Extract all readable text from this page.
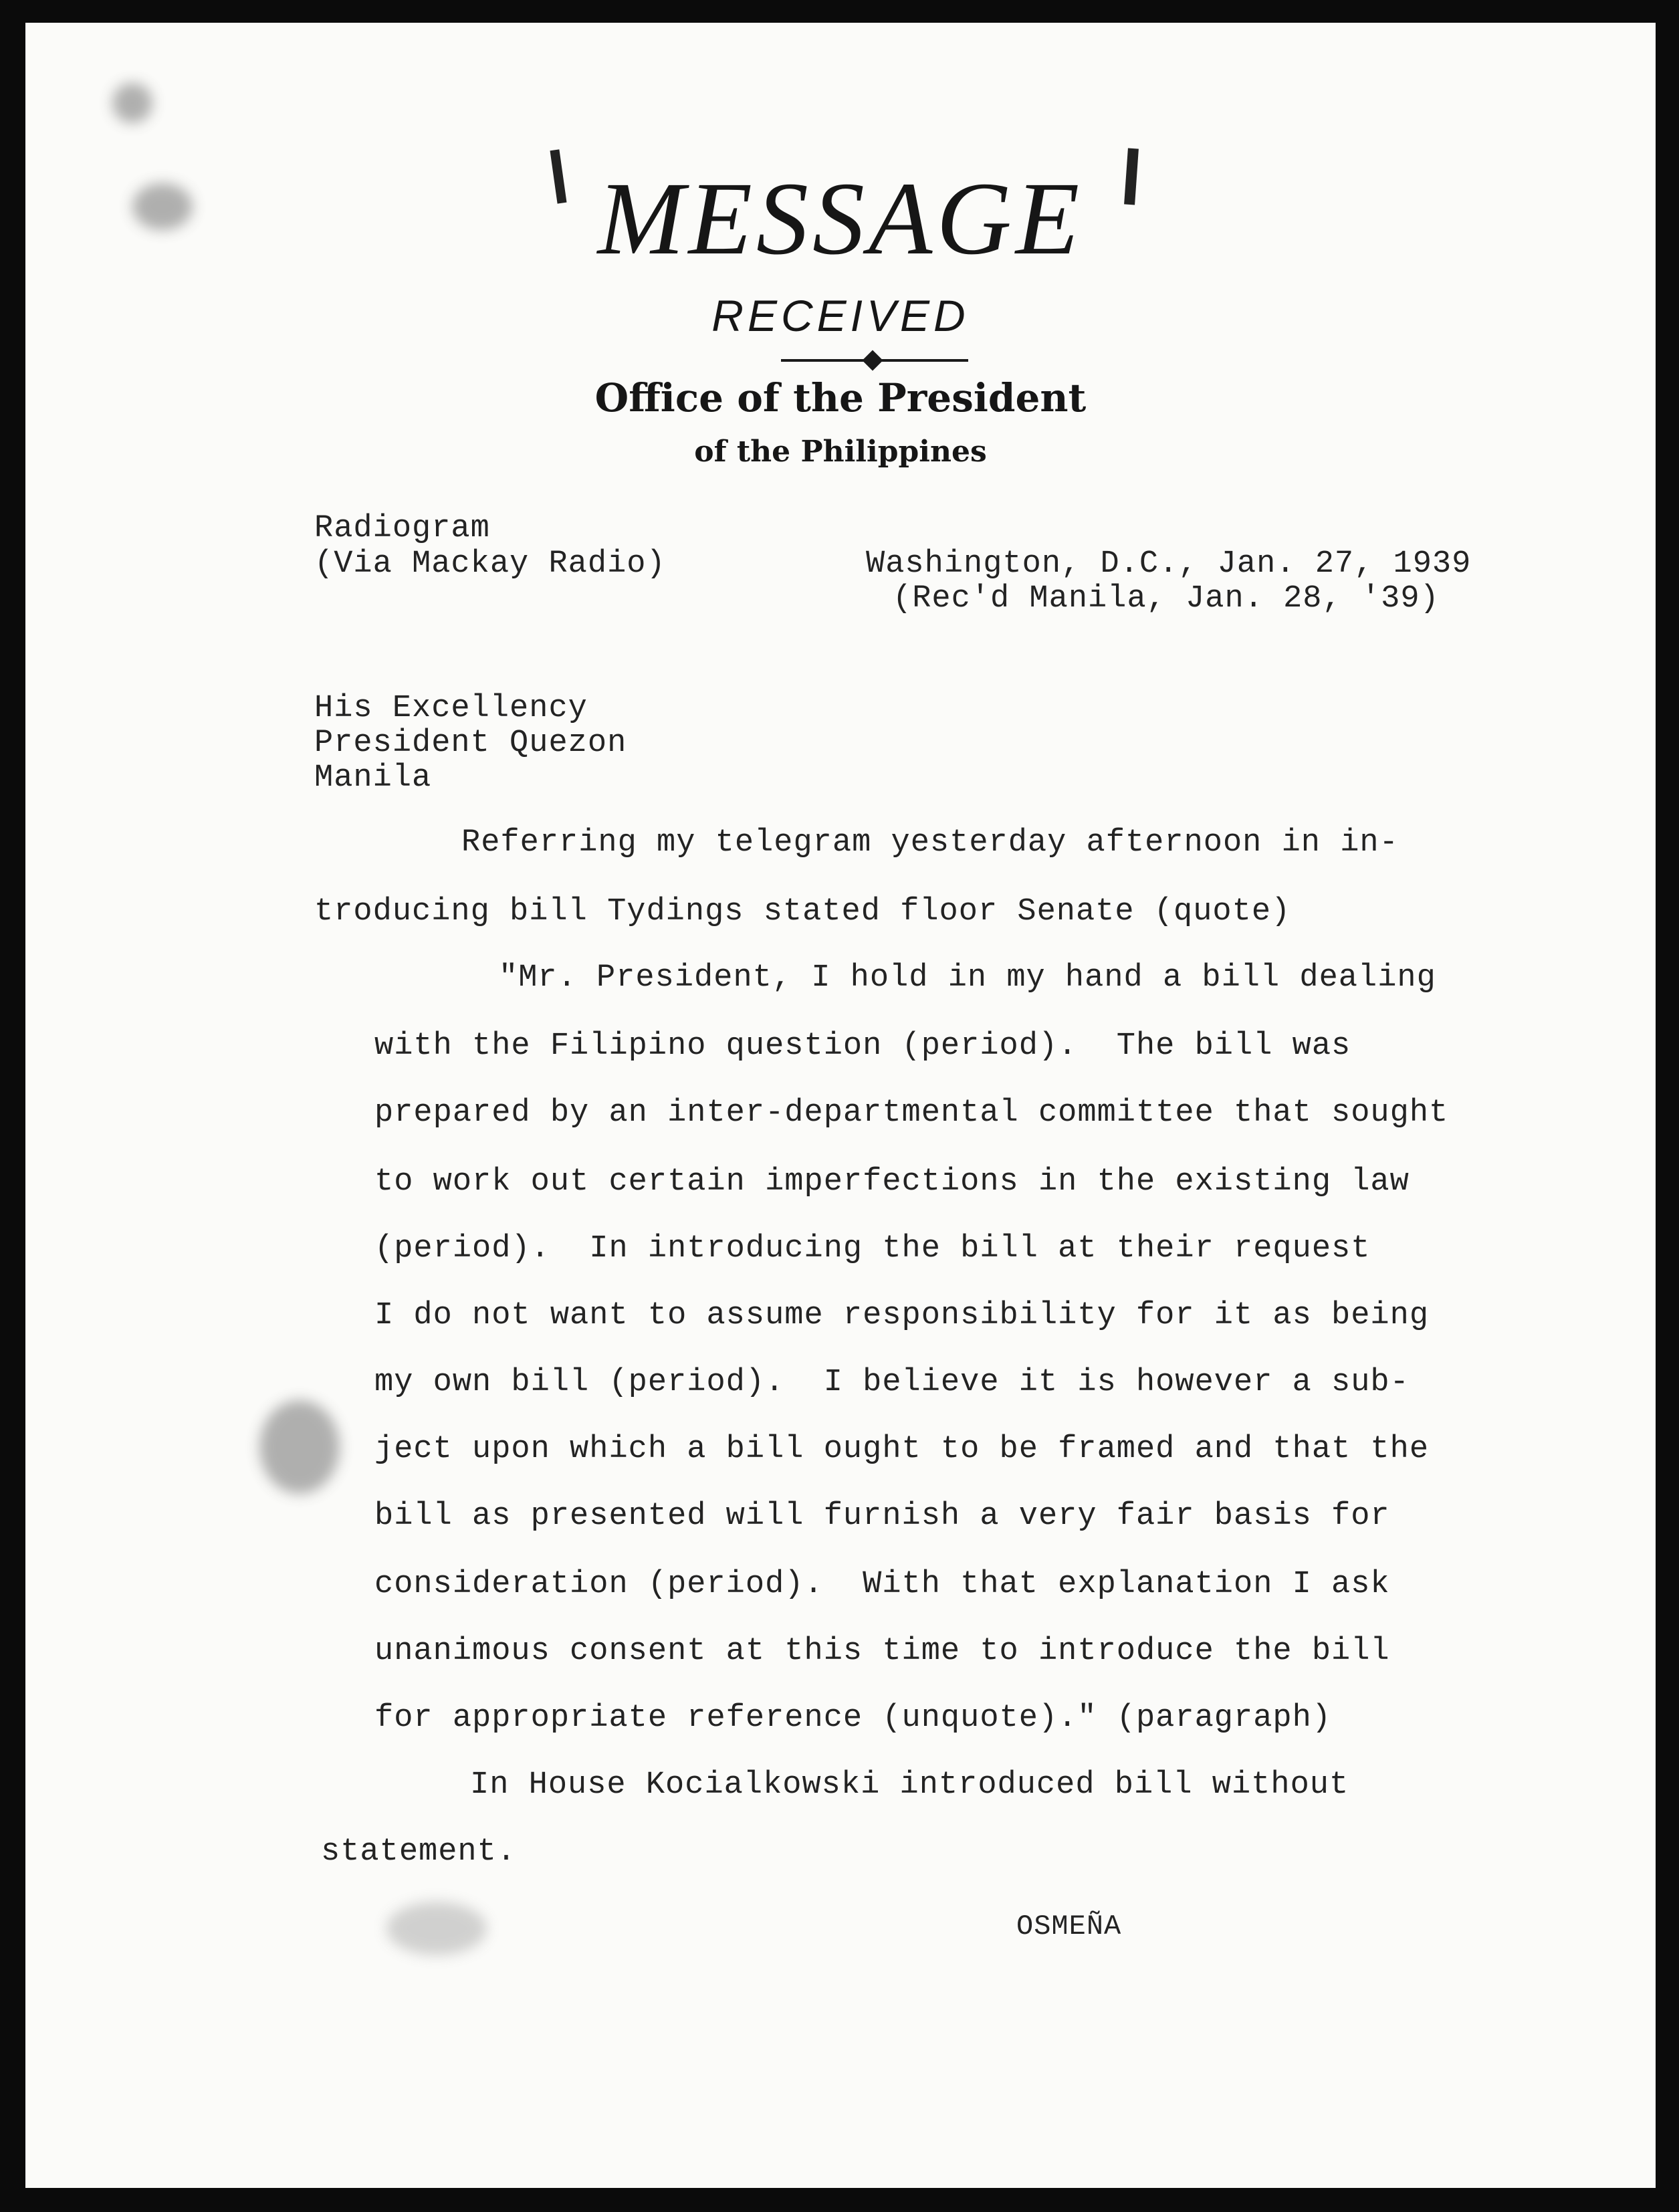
MESSAGE
RECEIVED
Office of the President
of the Philippines
Radiogram
(Via Mackay Radio)	Washington, D.C., Jan. 27, 1939
(Rec'd Manila, Jan. 28, '39)
His Excellency
President Quezon
Manila
Referring my telegram yesterday afternoon in in-
troducing bill Tydings stated floor Senate (quote)
"Mr. President, I hold in my hand a bill dealing
with the Filipino question (period).  The bill was
prepared by an inter-departmental committee that sought
to work out certain imperfections in the existing law
(period).  In introducing the bill at their request
I do not want to assume responsibility for it as being
my own bill (period).  I believe it is however a sub-
ject upon which a bill ought to be framed and that the
bill as presented will furnish a very fair basis for
consideration (period).  With that explanation I ask
unanimous consent at this time to introduce the bill
for appropriate reference (unquote)." (paragraph)
In House Kocialkowski introduced bill without
statement.
OSMEÑA
